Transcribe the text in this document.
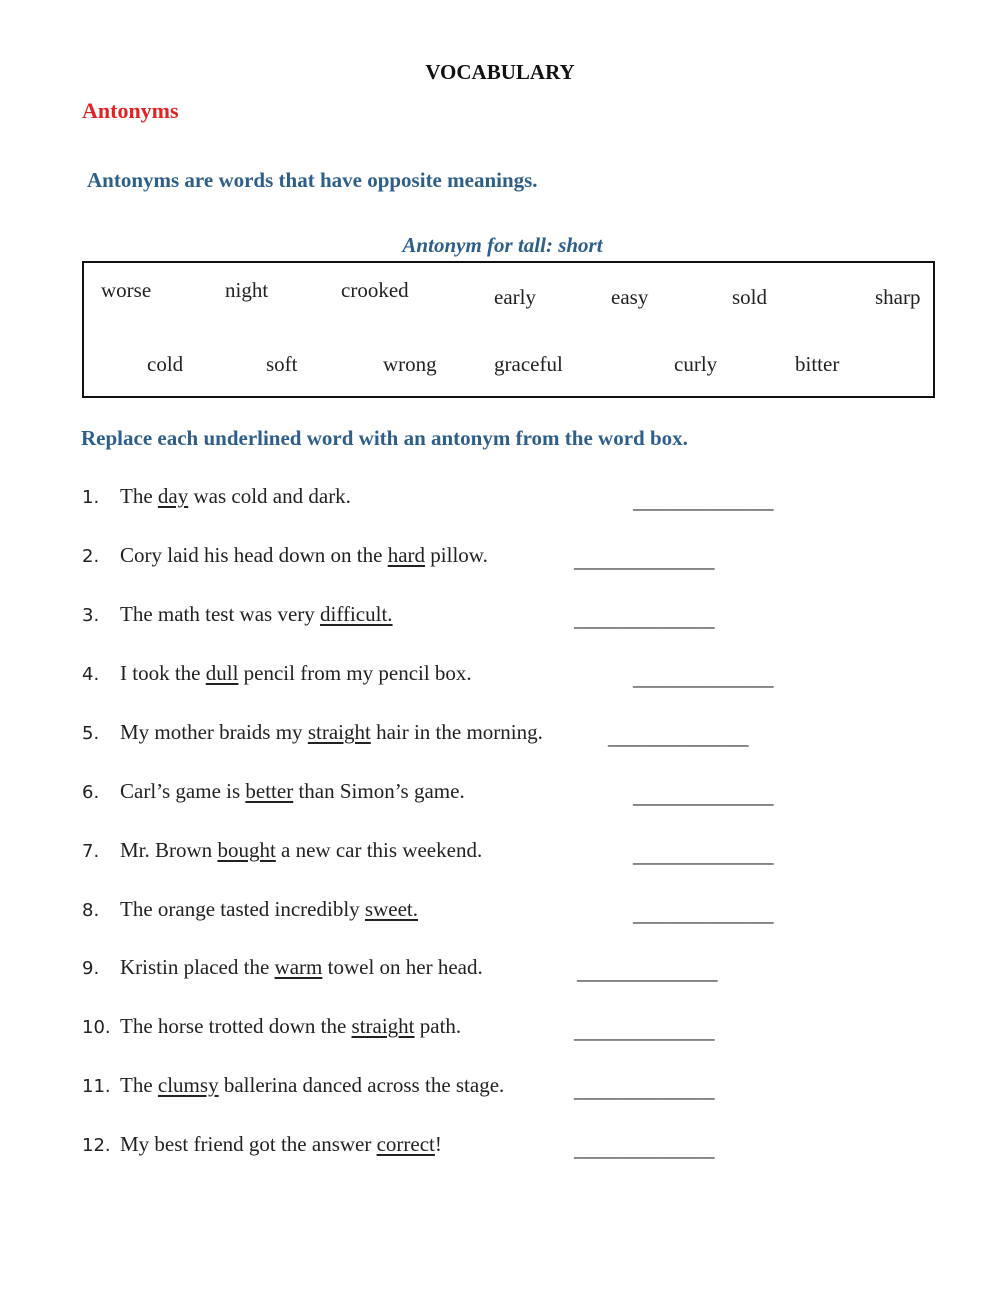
VOCABULARY
Antonyms
Antonyms are words that have opposite meanings.
Antonym for tall: short
worse	night	crooked	early	easy	sold	sharp
cold	soft	wrong	graceful	curly	bitter
Replace each underlined word with an antonym from the word box.
1. The day was cold and dark.	______________
2. Cory laid his head down on the hard pillow.	______________
3. The math test was very difficult.	______________
4. I took the dull pencil from my pencil box.	______________
5. My mother braids my straight hair in the morning.	______________
6. Carl’s game is better than Simon’s game.	______________
7. Mr. Brown bought a new car this weekend.	______________
8. The orange tasted incredibly sweet.	______________
9. Kristin placed the warm towel on her head.	______________
10. The horse trotted down the straight path.	______________
11. The clumsy ballerina danced across the stage.	______________
12. My best friend got the answer correct!	______________
